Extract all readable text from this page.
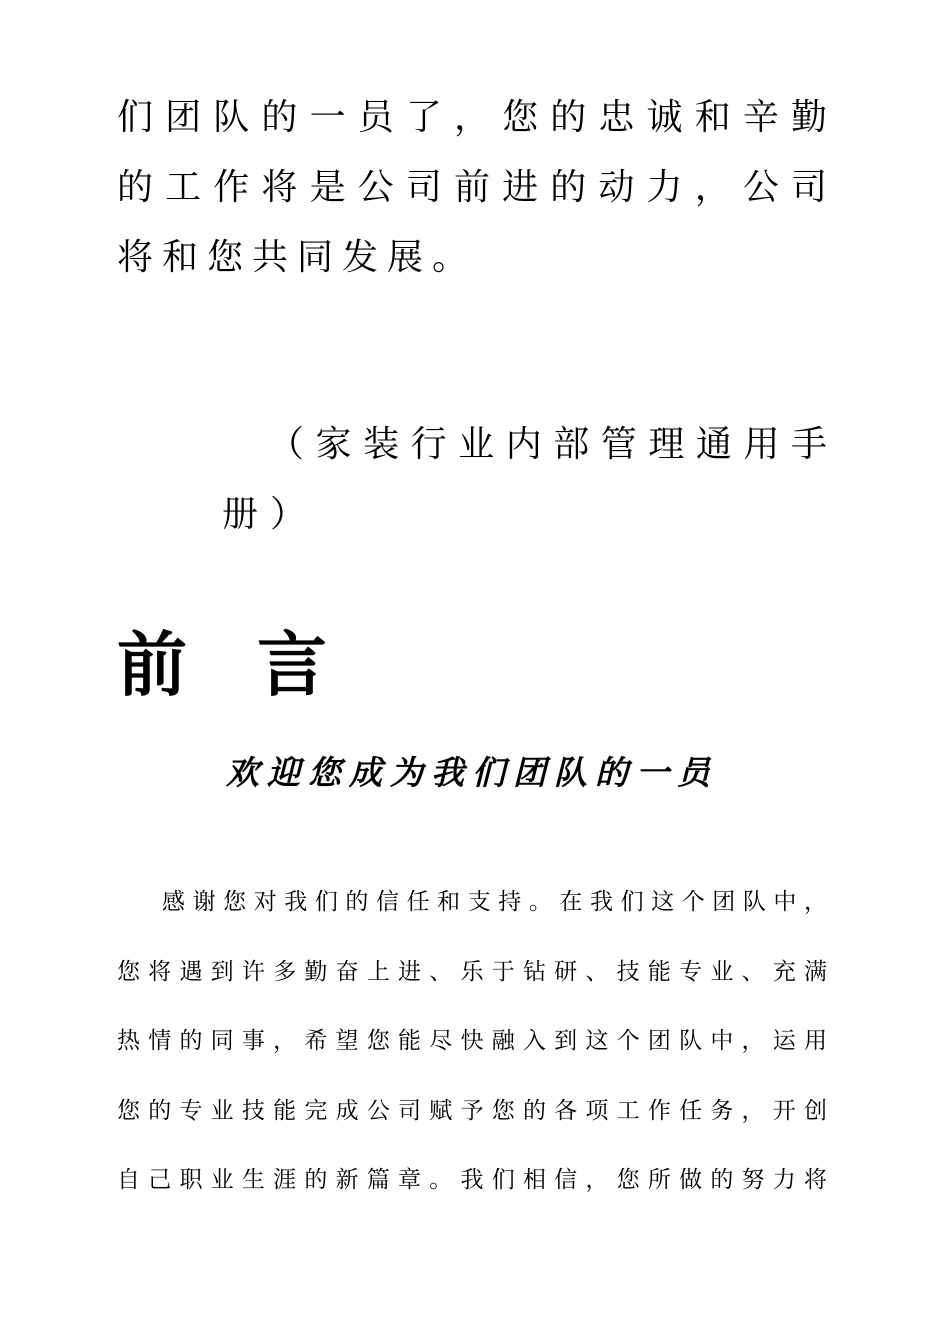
们团队的一员了，您的忠诚和辛勤
的工作将是公司前进的动力，公司
将和您共同发展。
（家装行业内部管理通用手
册）
前言
欢迎您成为我们团队的一员
感谢您对我们的信任和支持。在我们这个团队中，
您将遇到许多勤奋上进、乐于钻研、技能专业、充满
热情的同事，希望您能尽快融入到这个团队中，运用
您的专业技能完成公司赋予您的各项工作任务，开创
自己职业生涯的新篇章。我们相信，您所做的努力将
